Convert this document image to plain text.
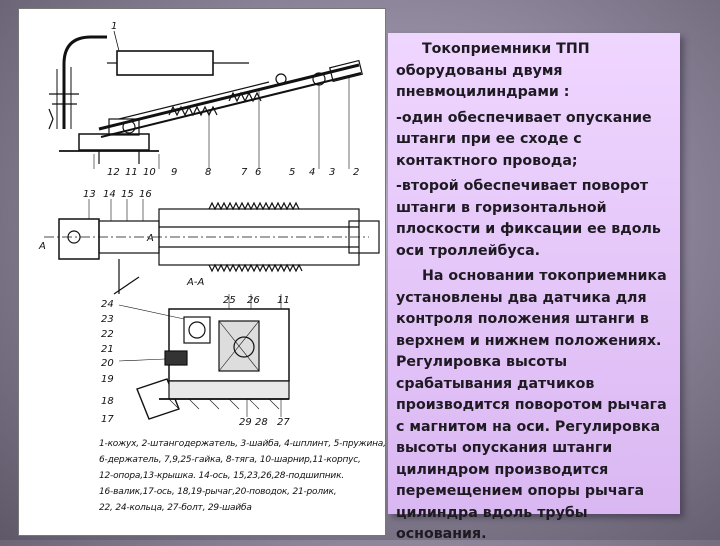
1
12 11 10 9	8	7 6	5 4 3 2
13 14 15 16
А
А
А-А
25 26 11
24
23
22
21
20
19
18
17	29 28 27
1-кожух, 2-штангодержатель, 3-шайба, 4-шплинт, 5-пружина,
6-держатель, 7,9,25-гайка, 8-тяга, 10-шарнир,11-корпус,
12-опора,13-крышка. 14-ось, 15,23,26,28-подшипник.
16-валик,17-ось, 18,19-рычаг,20-поводок, 21-ролик,
22, 24-кольца, 27-болт, 29-шайба

Токоприемники ТПП оборудованы двумя пневмоцилиндрами :

-один обеспечивает опускание штанги при ее сходе с контактного провода;

-второй обеспечивает поворот штанги в горизонтальной плоскости и фиксации ее вдоль оси троллейбуса.

На основании токоприемника установлены два датчика для контроля положения штанги в верхнем и нижнем положениях. Регулировка высоты срабатывания датчиков производится поворотом рычага с магнитом на оси. Регулировка высоты опускания штанги цилиндром производится перемещением опоры рычага цилиндра вдоль трубы основания.
